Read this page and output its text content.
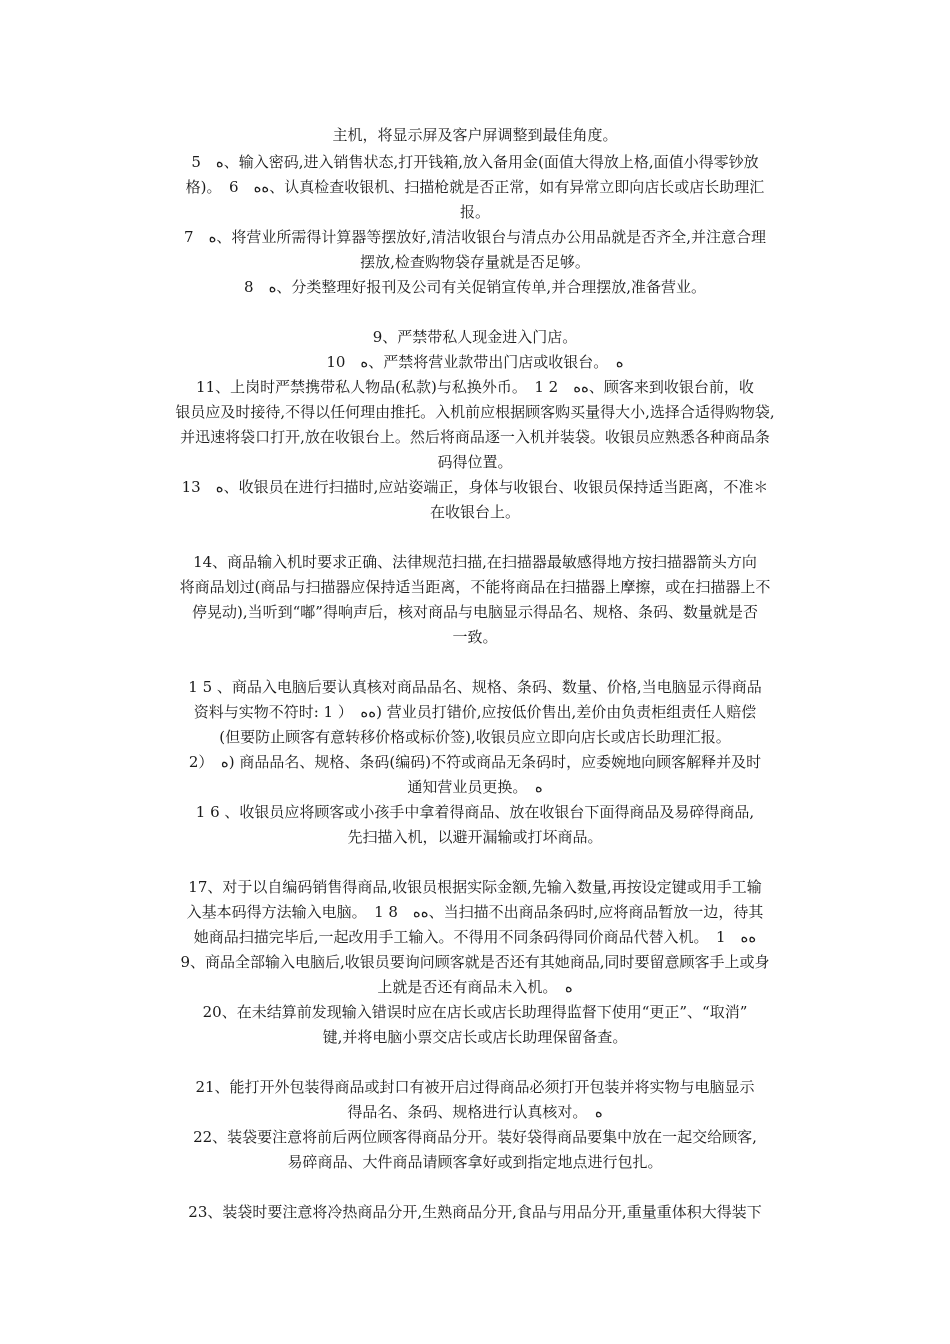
主机，将显示屏及客户屏调整到最佳角度。
5　ﻩ、输入密码,进入销售状态,打开钱箱,放入备用金(面值大得放上格,面值小得零钞放
格)。　6　ﻩﻩ、认真检查收银机、扫描枪就是否正常，如有异常立即向店长或店长助理汇
报。
7　ﻩ、将营业所需得计算器等摆放好,清洁收银台与清点办公用品就是否齐全,并注意合理
摆放,检查购物袋存量就是否足够。
8　ﻩ、分类整理好报刊及公司有关促销宣传单,并合理摆放,准备营业。
9、严禁带私人现金进入门店。
10　ﻩ、严禁将营业款带出门店或收银台。　ﻩ
11、上岗时严禁携带私人物品(私款)与私换外币。　1 2　ﻩﻩ、顾客来到收银台前，收
银员应及时接待,不得以任何理由推托。入机前应根据顾客购买量得大小,选择合适得购物袋,
并迅速将袋口打开,放在收银台上。然后将商品逐一入机并装袋。收银员应熟悉各种商品条
码得位置。
13　ﻩ、收银员在进行扫描时,应站姿端正，身体与收银台、收银员保持适当距离，不准＊
在收银台上。
14、商品输入机时要求正确、法律规范扫描,在扫描器最敏感得地方按扫描器箭头方向
将商品划过(商品与扫描器应保持适当距离，不能将商品在扫描器上摩擦，或在扫描器上不
停晃动),当听到“嘟”得响声后，核对商品与电脑显示得品名、规格、条码、数量就是否
一致。
1 5 、商品入电脑后要认真核对商品品名、规格、条码、数量、价格,当电脑显示得商品
资料与实物不符时: 1 ）　ﻩﻩ) 营业员打错价,应按低价售出,差价由负责柜组责任人赔偿
(但要防止顾客有意转移价格或标价签),收银员应立即向店长或店长助理汇报。
2）　ﻩ) 商品品名、规格、条码(编码)不符或商品无条码时，应委婉地向顾客解释并及时
通知营业员更换。　ﻩ
1 6 、收银员应将顾客或小孩手中拿着得商品、放在收银台下面得商品及易碎得商品,
先扫描入机，以避开漏输或打坏商品。
17、对于以自编码销售得商品,收银员根据实际金额,先输入数量,再按设定键或用手工输
入基本码得方法输入电脑。　1 8　ﻩﻩ、当扫描不出商品条码时,应将商品暂放一边，待其
她商品扫描完毕后,一起改用手工输入。不得用不同条码得同价商品代替入机。　1　ﻩﻩ
9、商品全部输入电脑后,收银员要询问顾客就是否还有其她商品,同时要留意顾客手上或身
上就是否还有商品未入机。　ﻩ
20、在未结算前发现输入错误时应在店长或店长助理得监督下使用“更正”、“取消”
键,并将电脑小票交店长或店长助理保留备查。
21、能打开外包装得商品或封口有被开启过得商品必须打开包装并将实物与电脑显示
得品名、条码、规格进行认真核对。　ﻩ
22、装袋要注意将前后两位顾客得商品分开。装好袋得商品要集中放在一起交给顾客,
易碎商品、大件商品请顾客拿好或到指定地点进行包扎。
23、装袋时要注意将冷热商品分开,生熟商品分开,食品与用品分开,重量重体积大得装下
